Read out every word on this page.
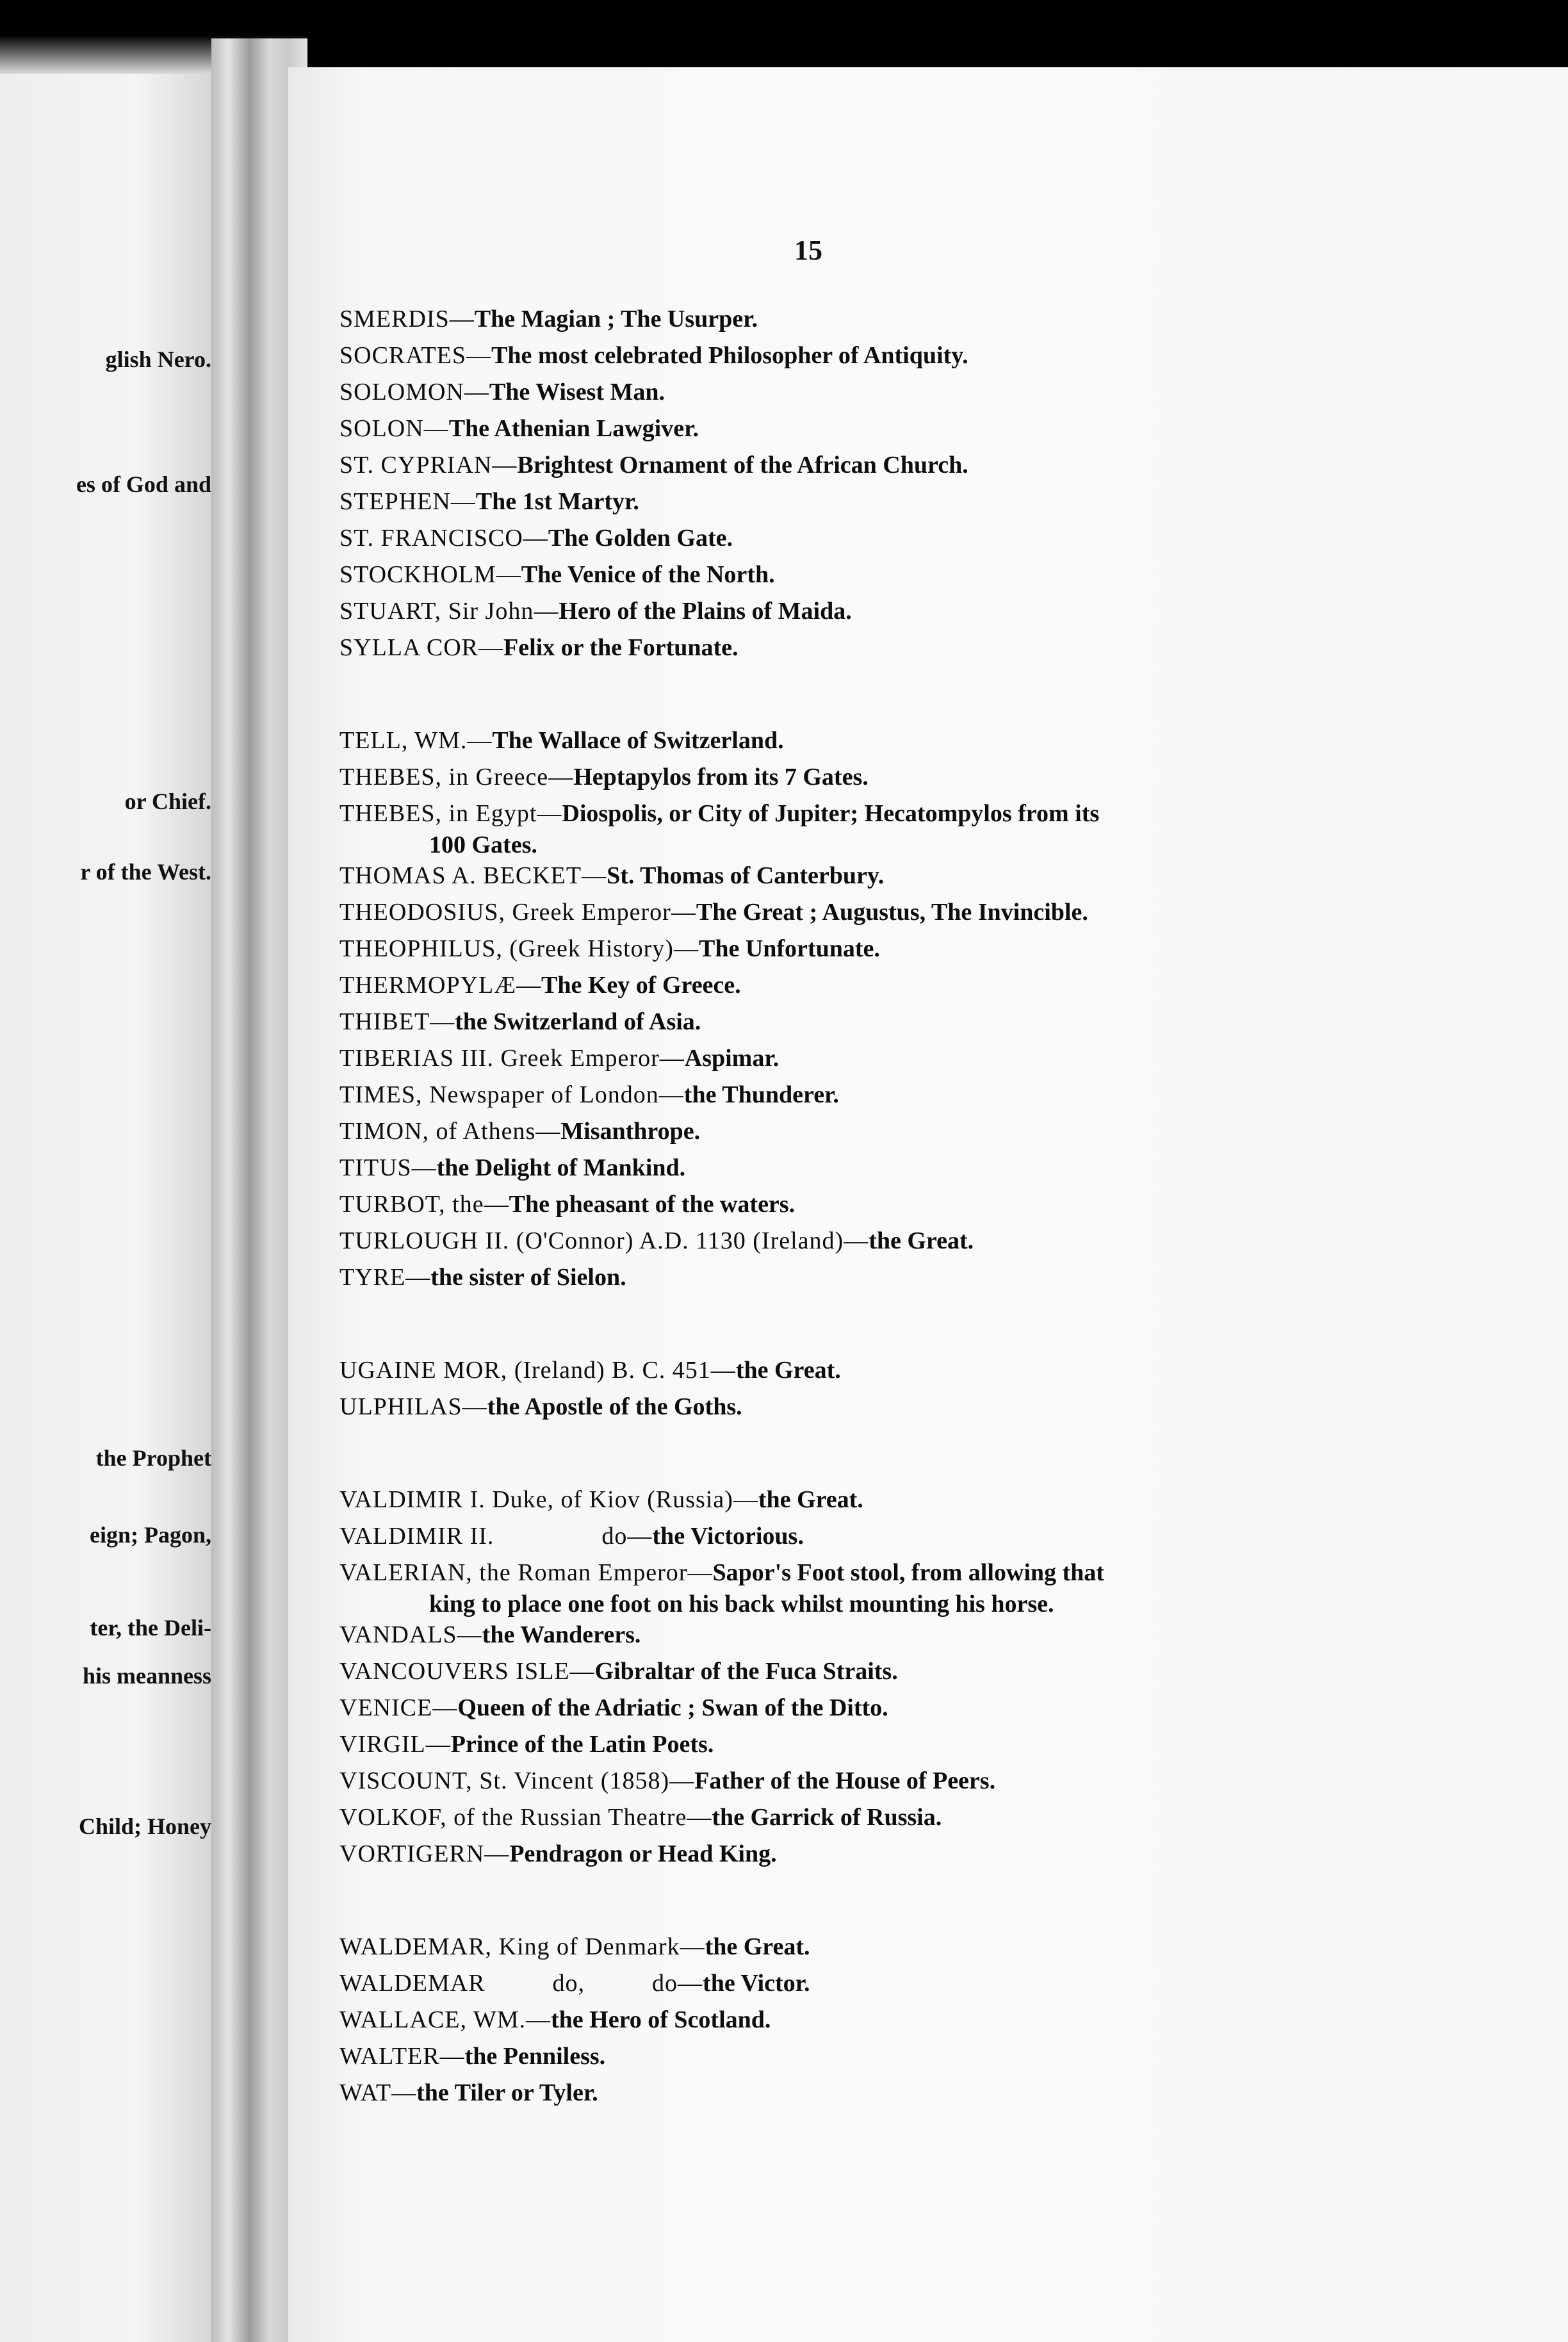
glish Nero.
es of God and
or Chief.
r of the West.
the Prophet
eign; Pagon,
ter, the Deli-
his meanness
Child; Honey
15
SMERDIS—The Magian ; The Usurper.
SOCRATES—The most celebrated Philosopher of Antiquity.
SOLOMON—The Wisest Man.
SOLON—The Athenian Lawgiver.
ST. CYPRIAN—Brightest Ornament of the African Church.
STEPHEN—The 1st Martyr.
ST. FRANCISCO—The Golden Gate.
STOCKHOLM—The Venice of the North.
STUART, Sir John—Hero of the Plains of Maida.
SYLLA COR—Felix or the Fortunate.
TELL, WM.—The Wallace of Switzerland.
THEBES, in Greece—Heptapylos from its 7 Gates.
THEBES, in Egypt—Diospolis, or City of Jupiter; Hecatompylos from its
100 Gates.
THOMAS A. BECKET—St. Thomas of Canterbury.
THEODOSIUS, Greek Emperor—The Great ; Augustus, The Invincible.
THEOPHILUS, (Greek History)—The Unfortunate.
THERMOPYLÆ—The Key of Greece.
THIBET—the Switzerland of Asia.
TIBERIAS III. Greek Emperor—Aspimar.
TIMES, Newspaper of London—the Thunderer.
TIMON, of Athens—Misanthrope.
TITUS—the Delight of Mankind.
TURBOT, the—The pheasant of the waters.
TURLOUGH II. (O'Connor) A.D. 1130 (Ireland)—the Great.
TYRE—the sister of Sielon.
UGAINE MOR, (Ireland) B. C. 451—the Great.
ULPHILAS—the Apostle of the Goths.
VALDIMIR I. Duke, of Kiov (Russia)—the Great.
VALDIMIR II.                do—the Victorious.
VALERIAN, the Roman Emperor—Sapor's Foot stool, from allowing that
king to place one foot on his back whilst mounting his horse.
VANDALS—the Wanderers.
VANCOUVERS ISLE—Gibraltar of the Fuca Straits.
VENICE—Queen of the Adriatic ; Swan of the Ditto.
VIRGIL—Prince of the Latin Poets.
VISCOUNT, St. Vincent (1858)—Father of the House of Peers.
VOLKOF, of the Russian Theatre—the Garrick of Russia.
VORTIGERN—Pendragon or Head King.
WALDEMAR, King of Denmark—the Great.
WALDEMAR          do,          do—the Victor.
WALLACE, WM.—the Hero of Scotland.
WALTER—the Penniless.
WAT—the Tiler or Tyler.
